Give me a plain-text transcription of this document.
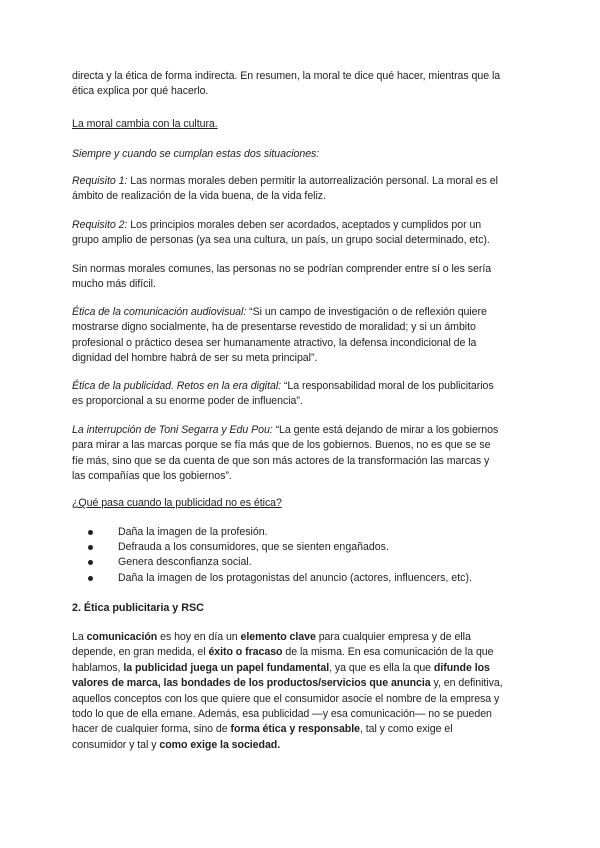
directa y la ética de forma indirecta. En resumen, la moral te dice qué hacer, mientras que la
ética explica por qué hacerlo.

La moral cambia con la cultura.

Siempre y cuando se cumplan estas dos situaciones:

Requisito 1: Las normas morales deben permitir la autorrealización personal. La moral es el
ámbito de realización de la vida buena, de la vida feliz.

Requisito 2: Los principios morales deben ser acordados, aceptados y cumplidos por un
grupo amplio de personas (ya sea una cultura, un país, un grupo social determinado, etc).

Sin normas morales comunes, las personas no se podrían comprender entre sí o les sería
mucho más difícil.

Ética de la comunicación audiovisual: “Si un campo de investigación o de reflexión quiere
mostrarse digno socialmente, ha de presentarse revestido de moralidad; y si un ámbito
profesional o práctico desea ser humanamente atractivo, la defensa incondicional de la
dignidad del hombre habrá de ser su meta principal”.

Ética de la publicidad. Retos en la era digital: “La responsabilidad moral de los publicitarios
es proporcional a su enorme poder de influencia”.

La interrupción de Toni Segarra y Edu Pou: “La gente está dejando de mirar a los gobiernos
para mirar a las marcas porque se fía más que de los gobiernos. Buenos, no es que se se
fíe más, sino que se da cuenta de que son más actores de la transformación las marcas y
las compañías que los gobiernos”.

¿Qué pasa cuando la publicidad no es ética?

Daña la imagen de la profesión.
Defrauda a los consumidores, que se sienten engañados.
Genera desconfianza social.
Daña la imagen de los protagonistas del anuncio (actores, influencers, etc).

2. Ética publicitaria y RSC

La comunicación es hoy en día un elemento clave para cualquier empresa y de ella
depende, en gran medida, el éxito o fracaso de la misma. En esa comunicación de la que
hablamos, la publicidad juega un papel fundamental, ya que es ella la que difunde los
valores de marca, las bondades de los productos/servicios que anuncia y, en definitiva,
aquellos conceptos con los que quiere que el consumidor asocie el nombre de la empresa y
todo lo que de ella emane. Además, esa publicidad —y esa comunicación— no se pueden
hacer de cualquier forma, sino de forma ética y responsable, tal y como exige el
consumidor y tal y como exige la sociedad.
